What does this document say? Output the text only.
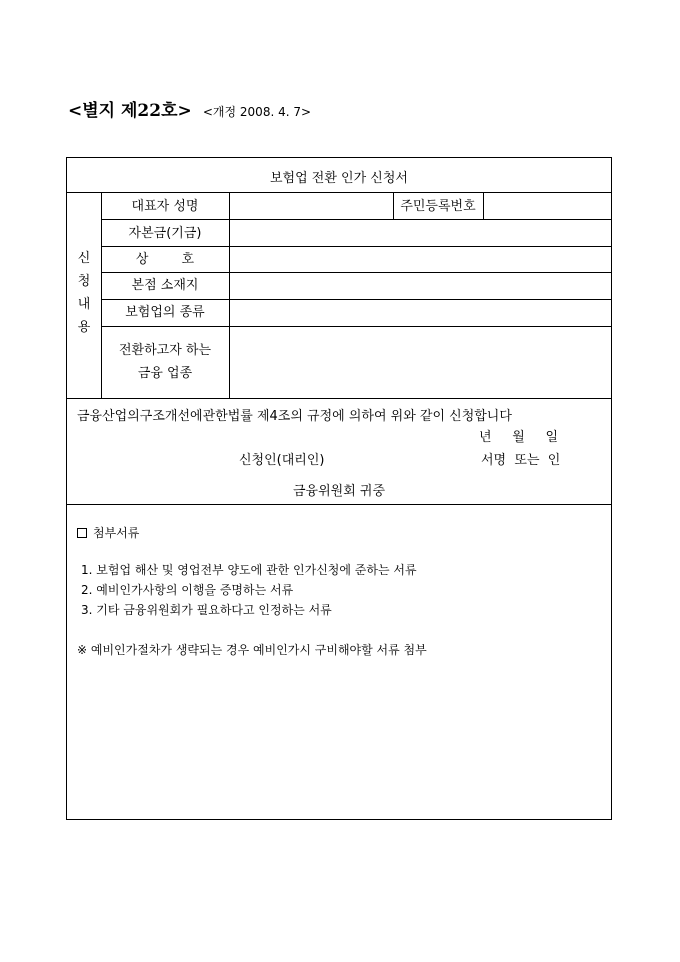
<별지 제22호> <개정 2008. 4. 7>
보험업 전환 인가 신청서
신
청
내
용
대표자 성명	주민등록번호
자본금(기금)
상        호
본점 소재지
보험업의 종류
전환하고자 하는
금융 업종
금융산업의구조개선에관한법률 제4조의 규정에 의하여 위와 같이 신청합니다
년     월     일
신청인(대리인)	서명  또는  인
금융위원회 귀중
첨부서류
1. 보험업 해산 및 영업전부 양도에 관한 인가신청에 준하는 서류
2. 예비인가사항의 이행을 증명하는 서류
3. 기타 금융위원회가 필요하다고 인정하는 서류
※ 예비인가절차가 생략되는 경우 예비인가시 구비해야할 서류 첨부
